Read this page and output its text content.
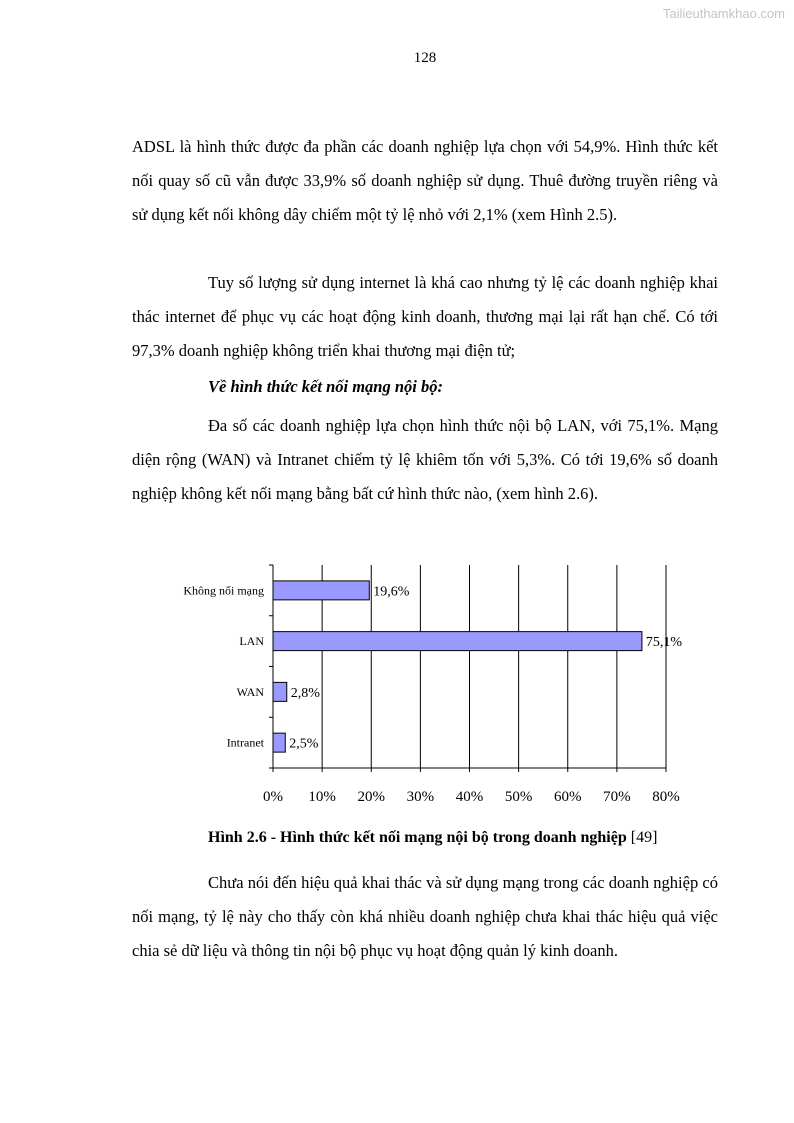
Tailieuthamkhao.com
128
ADSL là hình thức được đa phần các doanh nghiệp lựa chọn với 54,9%. Hình thức kết nối quay số cũ vẫn được 33,9% số doanh nghiệp sử dụng. Thuê đường truyền riêng và sử dụng kết nối không dây chiếm một tỷ lệ nhỏ với 2,1% (xem Hình 2.5).
Tuy số lượng sử dụng internet là khá cao nhưng tỷ lệ các doanh nghiệp khai thác internet để phục vụ các hoạt động kinh doanh, thương mại lại rất hạn chế. Có tới 97,3% doanh nghiệp không triển khai thương mại điện tử;
Về hình thức kết nối mạng nội bộ:
Đa số các doanh nghiệp lựa chọn hình thức nội bộ LAN, với 75,1%. Mạng diện rộng (WAN) và Intranet chiếm tỷ lệ khiêm tốn với 5,3%. Có tới 19,6% số doanh nghiệp không kết nối mạng bằng bất cứ hình thức nào, (xem hình 2.6).
0% 10% 20% 30% 40% 50% 60% 70% 80%
Không nối mạng	19,6%
LAN	75,1%
WAN 2,8%
Intranet 2,5%
Hình 2.6 - Hình thức kết nối mạng nội bộ trong doanh nghiệp [49]
Chưa nói đến hiệu quả khai thác và sử dụng mạng trong các doanh nghiệp có nối mạng, tỷ lệ này cho thấy còn khá nhiều doanh nghiệp chưa khai thác hiệu quả việc chia sẻ dữ liệu và thông tin nội bộ phục vụ hoạt động quản lý kinh doanh.
